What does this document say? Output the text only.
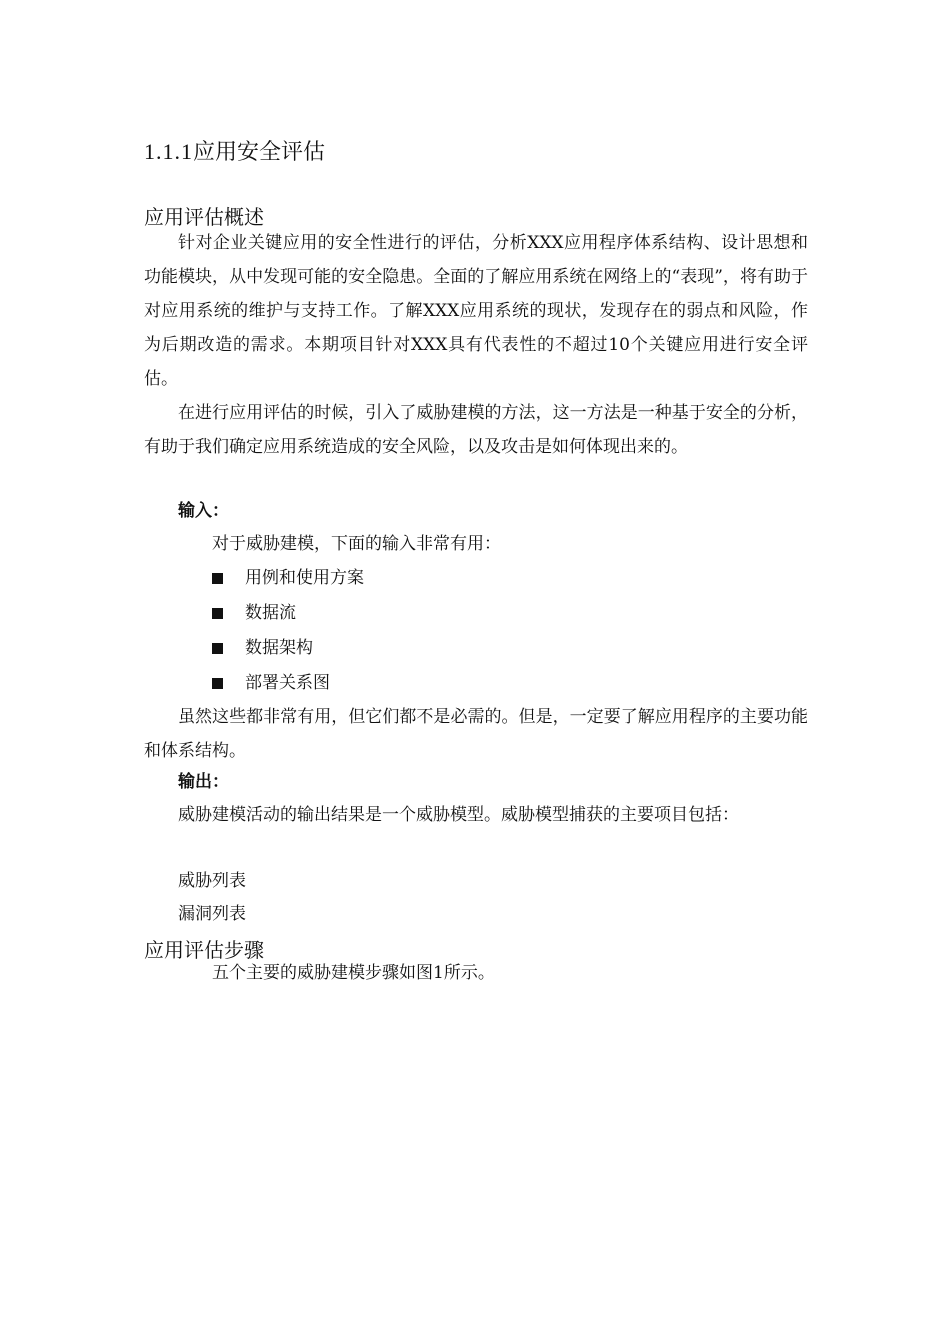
1.1.1应用安全评估
应用评估概述
针对企业关键应用的安全性进行的评估，分析XXX应用程序体系结构、设计思想和功能模块，从中发现可能的安全隐患。全面的了解应用系统在网络上的“表现”，将有助于对应用系统的维护与支持工作。了解XXX应用系统的现状，发现存在的弱点和风险，作为后期改造的需求。本期项目针对XXX具有代表性的不超过10个关键应用进行安全评估。
在进行应用评估的时候，引入了威胁建模的方法，这一方法是一种基于安全的分析，有助于我们确定应用系统造成的安全风险，以及攻击是如何体现出来的。
输入：
对于威胁建模，下面的输入非常有用：
用例和使用方案
数据流
数据架构
部署关系图
虽然这些都非常有用，但它们都不是必需的。但是，一定要了解应用程序的主要功能和体系结构。
输出：
威胁建模活动的输出结果是一个威胁模型。威胁模型捕获的主要项目包括：
威胁列表
漏洞列表
应用评估步骤
五个主要的威胁建模步骤如图1所示。
